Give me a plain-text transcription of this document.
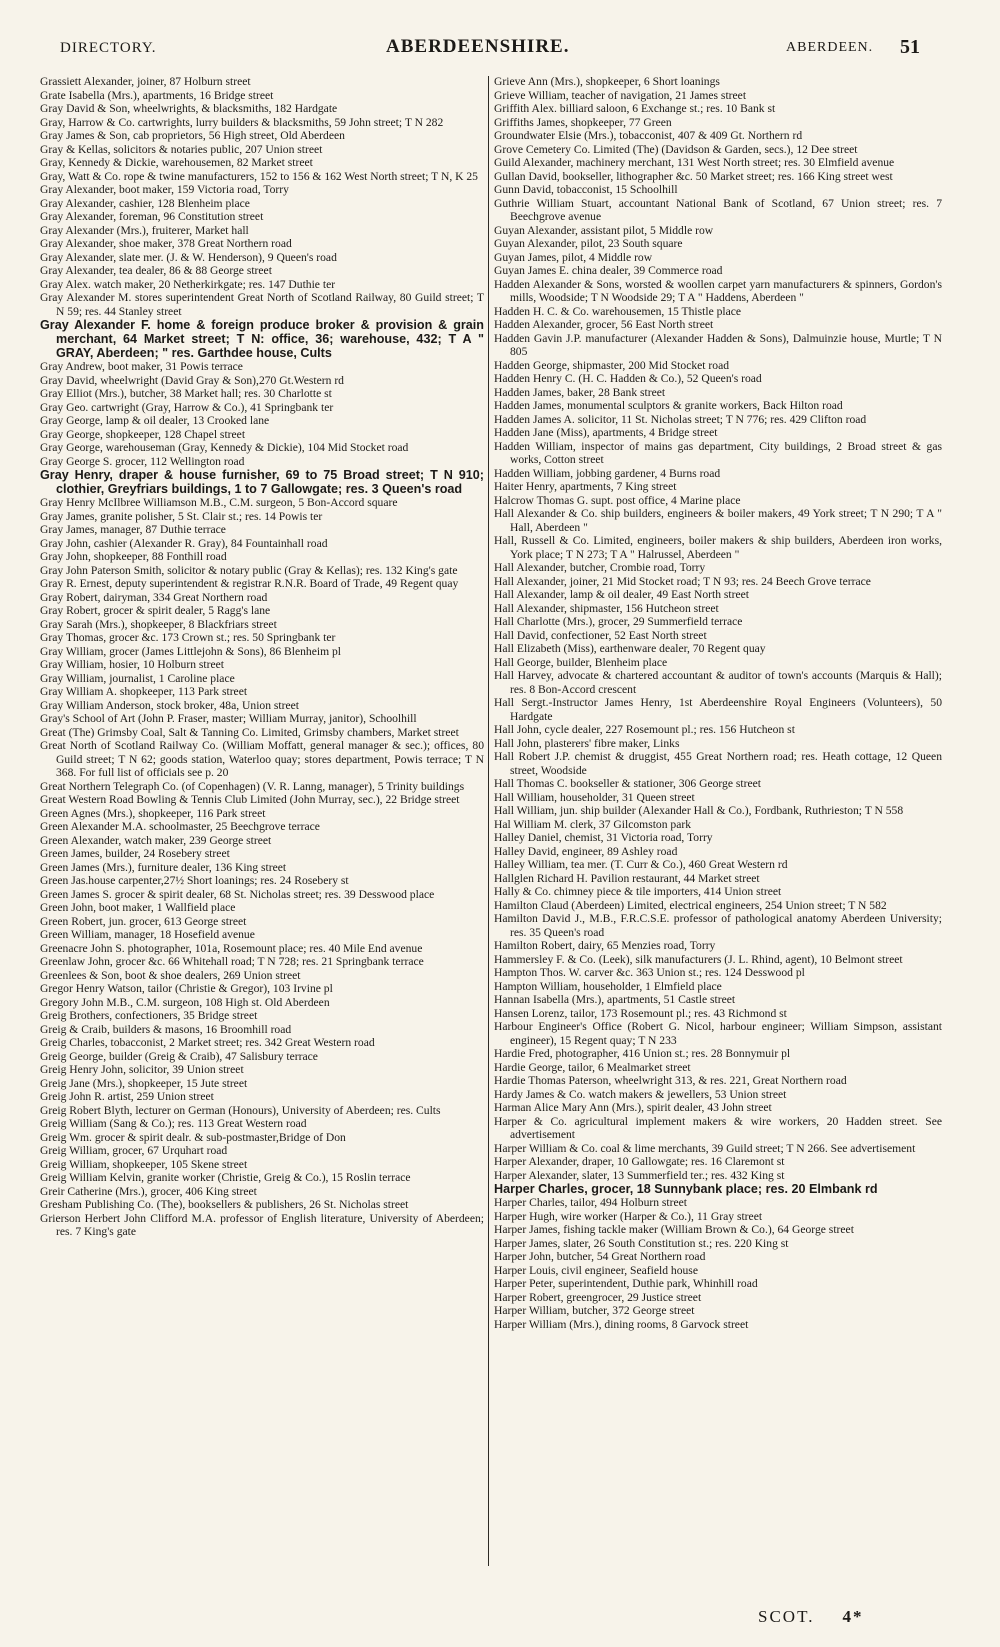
DIRECTORY.	ABERDEENSHIRE.	ABERDEEN. 51
Grassiett Alexander, joiner, 87 Holburn street
Grate Isabella (Mrs.), apartments, 16 Bridge street
Gray David & Son, wheelwrights, & blacksmiths, 182 Hardgate
Gray, Harrow & Co. cartwrights, lurry builders & blacksmiths, 59 John street; T N 282
Gray James & Son, cab proprietors, 56 High street, Old Aberdeen
Gray & Kellas, solicitors & notaries public, 207 Union street
Gray, Kennedy & Dickie, warehousemen, 82 Market street
Gray, Watt & Co. rope & twine manufacturers, 152 to 156 & 162 West North street; T N, K 25
Gray Alexander, boot maker, 159 Victoria road, Torry
Gray Alexander, cashier, 128 Blenheim place
Gray Alexander, foreman, 96 Constitution street
Gray Alexander (Mrs.), fruiterer, Market hall
Gray Alexander, shoe maker, 378 Great Northern road
Gray Alexander, slate mer. (J. & W. Henderson), 9 Queen's road
Gray Alexander, tea dealer, 86 & 88 George street
Gray Alex. watch maker, 20 Netherkirkgate; res. 147 Duthie ter
Gray Alexander M. stores superintendent Great North of Scotland Railway, 80 Guild street; T N 59; res. 44 Stanley street
Gray Alexander F. home & foreign produce broker & provision & grain merchant, 64 Market street; T N: office, 36; warehouse, 432; T A " GRAY, Aberdeen; " res. Garthdee house, Cults
Gray Andrew, boot maker, 31 Powis terrace
Gray David, wheelwright (David Gray & Son),270 Gt.Western rd
Gray Elliot (Mrs.), butcher, 38 Market hall; res. 30 Charlotte st
Gray Geo. cartwright (Gray, Harrow & Co.), 41 Springbank ter
Gray George, lamp & oil dealer, 13 Crooked lane
Gray George, shopkeeper, 128 Chapel street
Gray George, warehouseman (Gray, Kennedy & Dickie), 104 Mid Stocket road
Gray George S. grocer, 112 Wellington road
Gray Henry, draper & house furnisher, 69 to 75 Broad street; T N 910; clothier, Greyfriars buildings, 1 to 7 Gallowgate; res. 3 Queen's road
Gray Henry McIlbree Williamson M.B., C.M. surgeon, 5 Bon-Accord square
Gray James, granite polisher, 5 St. Clair st.; res. 14 Powis ter
Gray James, manager, 87 Duthie terrace
Gray John, cashier (Alexander R. Gray), 84 Fountainhall road
Gray John, shopkeeper, 88 Fonthill road
Gray John Paterson Smith, solicitor & notary public (Gray & Kellas); res. 132 King's gate
Gray R. Ernest, deputy superintendent & registrar R.N.R. Board of Trade, 49 Regent quay
Gray Robert, dairyman, 334 Great Northern road
Gray Robert, grocer & spirit dealer, 5 Ragg's lane
Gray Sarah (Mrs.), shopkeeper, 8 Blackfriars street
Gray Thomas, grocer &c. 173 Crown st.; res. 50 Springbank ter
Gray William, grocer (James Littlejohn & Sons), 86 Blenheim pl
Gray William, hosier, 10 Holburn street
Gray William, journalist, 1 Caroline place
Gray William A. shopkeeper, 113 Park street
Gray William Anderson, stock broker, 48a, Union street
Gray's School of Art (John P. Fraser, master; William Murray, janitor), Schoolhill
Great (The) Grimsby Coal, Salt & Tanning Co. Limited, Grimsby chambers, Market street
Great North of Scotland Railway Co. (William Moffatt, general manager & sec.); offices, 80 Guild street; T N 62; goods station, Waterloo quay; stores department, Powis terrace; T N 368. For full list of officials see p. 20
Great Northern Telegraph Co. (of Copenhagen) (V. R. Lanng, manager), 5 Trinity buildings
Great Western Road Bowling & Tennis Club Limited (John Murray, sec.), 22 Bridge street
Green Agnes (Mrs.), shopkeeper, 116 Park street
Green Alexander M.A. schoolmaster, 25 Beechgrove terrace
Green Alexander, watch maker, 239 George street
Green James, builder, 24 Rosebery street
Green James (Mrs.), furniture dealer, 136 King street
Green Jas.house carpenter,27½ Short loanings; res. 24 Rosebery st
Green James S. grocer & spirit dealer, 68 St. Nicholas street; res. 39 Desswood place
Green John, boot maker, 1 Wallfield place
Green Robert, jun. grocer, 613 George street
Green William, manager, 18 Hosefield avenue
Greenacre John S. photographer, 101a, Rosemount place; res. 40 Mile End avenue
Greenlaw John, grocer &c. 66 Whitehall road; T N 728; res. 21 Springbank terrace
Greenlees & Son, boot & shoe dealers, 269 Union street
Gregor Henry Watson, tailor (Christie & Gregor), 103 Irvine pl
Gregory John M.B., C.M. surgeon, 108 High st. Old Aberdeen
Greig Brothers, confectioners, 35 Bridge street
Greig & Craib, builders & masons, 16 Broomhill road
Greig Charles, tobacconist, 2 Market street; res. 342 Great Western road
Greig George, builder (Greig & Craib), 47 Salisbury terrace
Greig Henry John, solicitor, 39 Union street
Greig Jane (Mrs.), shopkeeper, 15 Jute street
Greig John R. artist, 259 Union street
Greig Robert Blyth, lecturer on German (Honours), University of Aberdeen; res. Cults
Greig William (Sang & Co.); res. 113 Great Western road
Greig Wm. grocer & spirit dealr. & sub-postmaster,Bridge of Don
Greig William, grocer, 67 Urquhart road
Greig William, shopkeeper, 105 Skene street
Greig William Kelvin, granite worker (Christie, Greig & Co.), 15 Roslin terrace
Greir Catherine (Mrs.), grocer, 406 King street
Gresham Publishing Co. (The), booksellers & publishers, 26 St. Nicholas street
Grierson Herbert John Clifford M.A. professor of English literature, University of Aberdeen; res. 7 King's gate
Grieve Ann (Mrs.), shopkeeper, 6 Short loanings
Grieve William, teacher of navigation, 21 James street
Griffith Alex. billiard saloon, 6 Exchange st.; res. 10 Bank st
Griffiths James, shopkeeper, 77 Green
Groundwater Elsie (Mrs.), tobacconist, 407 & 409 Gt. Northern rd
Grove Cemetery Co. Limited (The) (Davidson & Garden, secs.), 12 Dee street
Guild Alexander, machinery merchant, 131 West North street; res. 30 Elmfield avenue
Gullan David, bookseller, lithographer &c. 50 Market street; res. 166 King street west
Gunn David, tobacconist, 15 Schoolhill
Guthrie William Stuart, accountant National Bank of Scotland, 67 Union street; res. 7 Beechgrove avenue
Guyan Alexander, assistant pilot, 5 Middle row
Guyan Alexander, pilot, 23 South square
Guyan James, pilot, 4 Middle row
Guyan James E. china dealer, 39 Commerce road
Hadden Alexander & Sons, worsted & woollen carpet yarn manufacturers & spinners, Gordon's mills, Woodside; T N Woodside 29; T A " Haddens, Aberdeen "
Hadden H. C. & Co. warehousemen, 15 Thistle place
Hadden Alexander, grocer, 56 East North street
Hadden Gavin J.P. manufacturer (Alexander Hadden & Sons), Dalmuinzie house, Murtle; T N 805
Hadden George, shipmaster, 200 Mid Stocket road
Hadden Henry C. (H. C. Hadden & Co.), 52 Queen's road
Hadden James, baker, 28 Bank street
Hadden James, monumental sculptors & granite workers, Back Hilton road
Hadden James A. solicitor, 11 St. Nicholas street; T N 776; res. 429 Clifton road
Hadden Jane (Miss), apartments, 4 Bridge street
Hadden William, inspector of mains gas department, City buildings, 2 Broad street & gas works, Cotton street
Hadden William, jobbing gardener, 4 Burns road
Haiter Henry, apartments, 7 King street
Halcrow Thomas G. supt. post office, 4 Marine place
Hall Alexander & Co. ship builders, engineers & boiler makers, 49 York street; T N 290; T A " Hall, Aberdeen "
Hall, Russell & Co. Limited, engineers, boiler makers & ship builders, Aberdeen iron works, York place; T N 273; T A " Halrussel, Aberdeen "
Hall Alexander, butcher, Crombie road, Torry
Hall Alexander, joiner, 21 Mid Stocket road; T N 93; res. 24 Beech Grove terrace
Hall Alexander, lamp & oil dealer, 49 East North street
Hall Alexander, shipmaster, 156 Hutcheon street
Hall Charlotte (Mrs.), grocer, 29 Summerfield terrace
Hall David, confectioner, 52 East North street
Hall Elizabeth (Miss), earthenware dealer, 70 Regent quay
Hall George, builder, Blenheim place
Hall Harvey, advocate & chartered accountant & auditor of town's accounts (Marquis & Hall); res. 8 Bon-Accord crescent
Hall Sergt.-Instructor James Henry, 1st Aberdeenshire Royal Engineers (Volunteers), 50 Hardgate
Hall John, cycle dealer, 227 Rosemount pl.; res. 156 Hutcheon st
Hall John, plasterers' fibre maker, Links
Hall Robert J.P. chemist & druggist, 455 Great Northern road; res. Heath cottage, 12 Queen street, Woodside
Hall Thomas C. bookseller & stationer, 306 George street
Hall William, householder, 31 Queen street
Hall William, jun. ship builder (Alexander Hall & Co.), Fordbank, Ruthrieston; T N 558
Hal William M. clerk, 37 Gilcomston park
Halley Daniel, chemist, 31 Victoria road, Torry
Halley David, engineer, 89 Ashley road
Halley William, tea mer. (T. Curr & Co.), 460 Great Western rd
Hallglen Richard H. Pavilion restaurant, 44 Market street
Hally & Co. chimney piece & tile importers, 414 Union street
Hamilton Claud (Aberdeen) Limited, electrical engineers, 254 Union street; T N 582
Hamilton David J., M.B., F.R.C.S.E. professor of pathological anatomy Aberdeen University; res. 35 Queen's road
Hamilton Robert, dairy, 65 Menzies road, Torry
Hammersley F. & Co. (Leek), silk manufacturers (J. L. Rhind, agent), 10 Belmont street
Hampton Thos. W. carver &c. 363 Union st.; res. 124 Desswood pl
Hampton William, householder, 1 Elmfield place
Hannan Isabella (Mrs.), apartments, 51 Castle street
Hansen Lorenz, tailor, 173 Rosemount pl.; res. 43 Richmond st
Harbour Engineer's Office (Robert G. Nicol, harbour engineer; William Simpson, assistant engineer), 15 Regent quay; T N 233
Hardie Fred, photographer, 416 Union st.; res. 28 Bonnymuir pl
Hardie George, tailor, 6 Mealmarket street
Hardie Thomas Paterson, wheelwright 313, & res. 221, Great Northern road
Hardy James & Co. watch makers & jewellers, 53 Union street
Harman Alice Mary Ann (Mrs.), spirit dealer, 43 John street
Harper & Co. agricultural implement makers & wire workers, 20 Hadden street. See advertisement
Harper William & Co. coal & lime merchants, 39 Guild street; T N 266. See advertisement
Harper Alexander, draper, 10 Gallowgate; res. 16 Claremont st
Harper Alexander, slater, 13 Summerfield ter.; res. 432 King st
Harper Charles, grocer, 18 Sunnybank place; res. 20 Elmbank rd
Harper Charles, tailor, 494 Holburn street
Harper Hugh, wire worker (Harper & Co.), 11 Gray street
Harper James, fishing tackle maker (William Brown & Co.), 64 George street
Harper James, slater, 26 South Constitution st.; res. 220 King st
Harper John, butcher, 54 Great Northern road
Harper Louis, civil engineer, Seafield house
Harper Peter, superintendent, Duthie park, Whinhill road
Harper Robert, greengrocer, 29 Justice street
Harper William, butcher, 372 George street
Harper William (Mrs.), dining rooms, 8 Garvock street
SCOT. 4*
